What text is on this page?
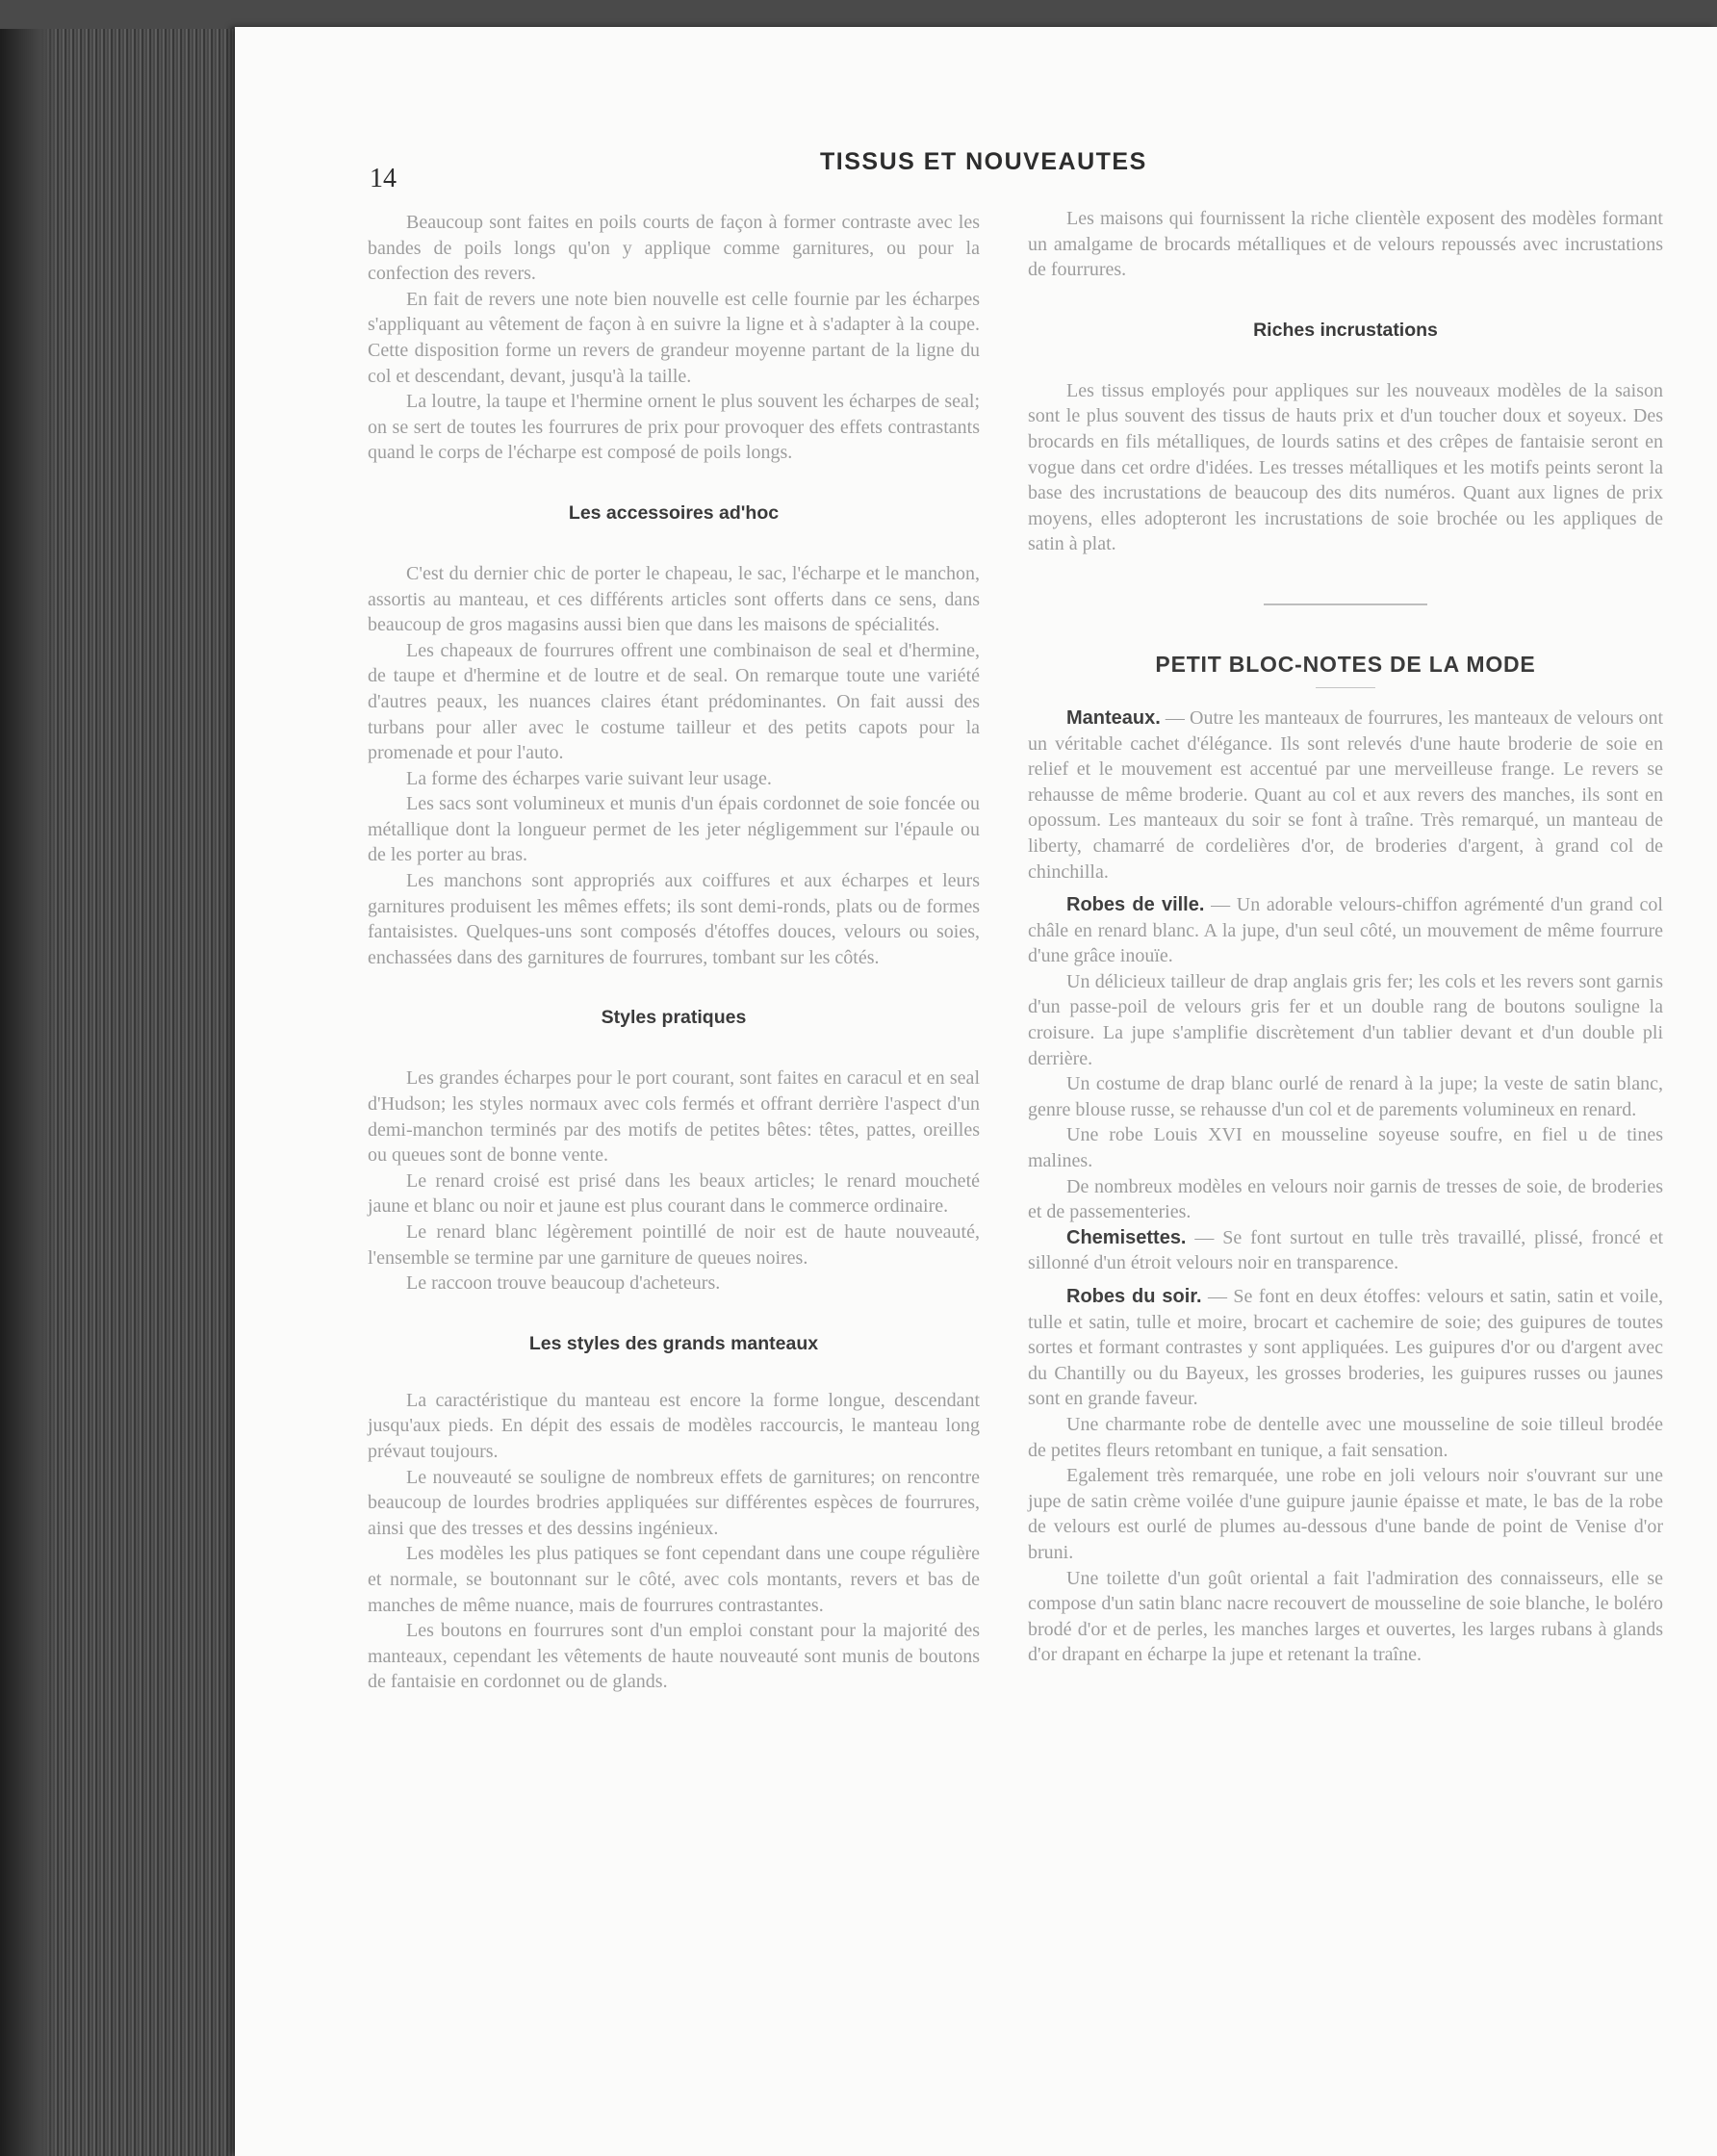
14
TISSUS ET NOUVEAUTES

Beaucoup sont faites en poils courts de façon à former contraste avec les bandes de poils longs qu'on y applique comme garnitures, ou pour la confection des revers.

En fait de revers une note bien nouvelle est celle fournie par les écharpes s'appliquant au vêtement de façon à en suivre la ligne et à s'adapter à la coupe. Cette disposition forme un revers de grandeur moyenne partant de la ligne du col et descendant, devant, jusqu'à la taille.

La loutre, la taupe et l'hermine ornent le plus souvent les écharpes de seal; on se sert de toutes les fourrures de prix pour provoquer des effets contrastants quand le corps de l'écharpe est composé de poils longs.

Les accessoires ad'hoc

C'est du dernier chic de porter le chapeau, le sac, l'écharpe et le manchon, assortis au manteau, et ces différents articles sont offerts dans ce sens, dans beaucoup de gros magasins aussi bien que dans les maisons de spécialités.

Les chapeaux de fourrures offrent une combinaison de seal et d'hermine, de taupe et d'hermine et de loutre et de seal. On remarque toute une variété d'autres peaux, les nuances claires étant prédominantes. On fait aussi des turbans pour aller avec le costume tailleur et des petits capots pour la promenade et pour l'auto.

La forme des écharpes varie suivant leur usage.

Les sacs sont volumineux et munis d'un épais cordonnet de soie foncée ou métallique dont la longueur permet de les jeter négligemment sur l'épaule ou de les porter au bras.

Les manchons sont appropriés aux coiffures et aux écharpes et leurs garnitures produisent les mêmes effets; ils sont demi-ronds, plats ou de formes fantaisistes. Quelques-uns sont composés d'étoffes douces, velours ou soies, enchassées dans des garnitures de fourrures, tombant sur les côtés.

Styles pratiques

Les grandes écharpes pour le port courant, sont faites en caracul et en seal d'Hudson; les styles normaux avec cols fermés et offrant derrière l'aspect d'un demi-manchon terminés par des motifs de petites bêtes: têtes, pattes, oreilles ou queues sont de bonne vente.

Le renard croisé est prisé dans les beaux articles; le renard moucheté jaune et blanc ou noir et jaune est plus courant dans le commerce ordinaire.

Le renard blanc légèrement pointillé de noir est de haute nouveauté, l'ensemble se termine par une garniture de queues noires.

Le raccoon trouve beaucoup d'acheteurs.

Les styles des grands manteaux

La caractéristique du manteau est encore la forme longue, descendant jusqu'aux pieds. En dépit des essais de modèles raccourcis, le manteau long prévaut toujours.

Le nouveauté se souligne de nombreux effets de garnitures; on rencontre beaucoup de lourdes brodries appliquées sur différentes espèces de fourrures, ainsi que des tresses et des dessins ingénieux.

Les modèles les plus patiques se font cependant dans une coupe régulière et normale, se boutonnant sur le côté, avec cols montants, revers et bas de manches de même nuance, mais de fourrures contrastantes.

Les boutons en fourrures sont d'un emploi constant pour la majorité des manteaux, cependant les vêtements de haute nouveauté sont munis de boutons de fantaisie en cordonnet ou de glands.

Les maisons qui fournissent la riche clientèle exposent des modèles formant un amalgame de brocards métalliques et de velours repoussés avec incrustations de fourrures.

Riches incrustations

Les tissus employés pour appliques sur les nouveaux modèles de la saison sont le plus souvent des tissus de hauts prix et d'un toucher doux et soyeux. Des brocards en fils métalliques, de lourds satins et des crêpes de fantaisie seront en vogue dans cet ordre d'idées. Les tresses métalliques et les motifs peints seront la base des incrustations de beaucoup des dits numéros. Quant aux lignes de prix moyens, elles adopteront les incrustations de soie brochée ou les appliques de satin à plat.

PETIT BLOC-NOTES DE LA MODE

Manteaux. — Outre les manteaux de fourrures, les manteaux de velours ont un véritable cachet d'élégance. Ils sont relevés d'une haute broderie de soie en relief et le mouvement est accentué par une merveilleuse frange. Le revers se rehausse de même broderie. Quant au col et aux revers des manches, ils sont en opossum. Les manteaux du soir se font à traîne. Très remarqué, un manteau de liberty, chamarré de cordelières d'or, de broderies d'argent, à grand col de chinchilla.

Robes de ville. — Un adorable velours-chiffon agrémenté d'un grand col châle en renard blanc. A la jupe, d'un seul côté, un mouvement de même fourrure d'une grâce inouïe.

Un délicieux tailleur de drap anglais gris fer; les cols et les revers sont garnis d'un passe-poil de velours gris fer et un double rang de boutons souligne la croisure. La jupe s'amplifie discrètement d'un tablier devant et d'un double pli derrière.

Un costume de drap blanc ourlé de renard à la jupe; la veste de satin blanc, genre blouse russe, se rehausse d'un col et de parements volumineux en renard.

Une robe Louis XVI en mousseline soyeuse soufre, en fiel u de tines malines.

De nombreux modèles en velours noir garnis de tresses de soie, de broderies et de passementeries.

Chemisettes. — Se font surtout en tulle très travaillé, plissé, froncé et sillonné d'un étroit velours noir en transparence.

Robes du soir. — Se font en deux étoffes: velours et satin, satin et voile, tulle et satin, tulle et moire, brocart et cachemire de soie; des guipures de toutes sortes et formant contrastes y sont appliquées. Les guipures d'or ou d'argent avec du Chantilly ou du Bayeux, les grosses broderies, les guipures russes ou jaunes sont en grande faveur.

Une charmante robe de dentelle avec une mousseline de soie tilleul brodée de petites fleurs retombant en tunique, a fait sensation.

Egalement très remarquée, une robe en joli velours noir s'ouvrant sur une jupe de satin crème voilée d'une guipure jaunie épaisse et mate, le bas de la robe de velours est ourlé de plumes au-dessous d'une bande de point de Venise d'or bruni.

Une toilette d'un goût oriental a fait l'admiration des connaisseurs, elle se compose d'un satin blanc nacre recouvert de mousseline de soie blanche, le boléro brodé d'or et de perles, les manches larges et ouvertes, les larges rubans à glands d'or drapant en écharpe la jupe et retenant la traîne.
